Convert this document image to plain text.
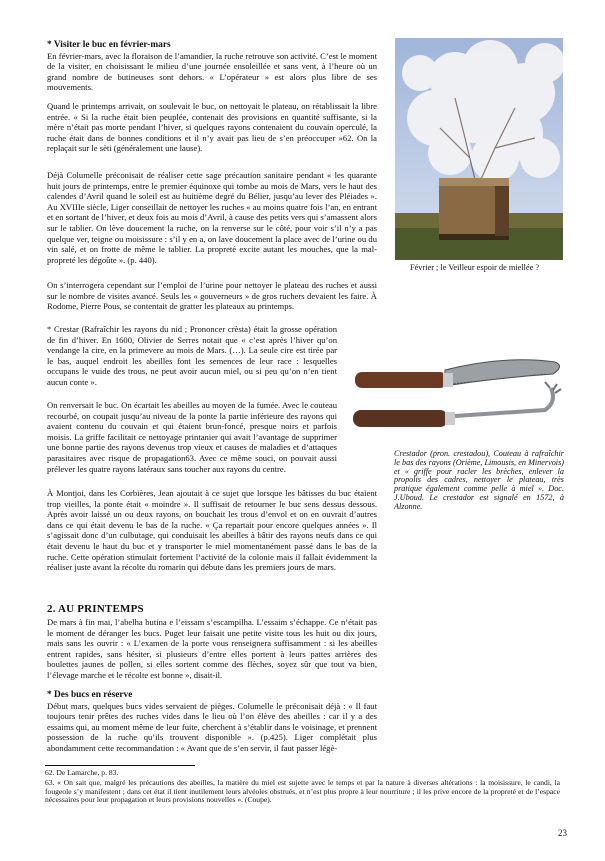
* Visiter le buc en février-mars

En février-mars, avec la floraison de l’amandier, la ruche retrouve son activité. C’est le moment de la visiter, en choisissant le milieu d’une journée ensoleillée et sans vent, à l’heure où un grand nombre de butineuses sont dehors. « L’opérateur » est alors plus libre de ses mouvements.

Quand le printemps arrivait, on soulevait le buc, on nettoyait le plateau, on rétablissait la libre entrée. « Si la ruche était bien peuplée, contenait des provisions en quantité suffisante, si la mère n’était pas morte pendant l’hiver, si quelques rayons contenaient du couvain operculé, la ruche était dans de bonnes conditions et il n’y avait pas lieu de s’en préoccuper »62. On la replaçait sur le sèti (généralement une lause).

Déjà Columelle préconisait de réaliser cette sage précaution sanitaire pendant « les quarante huit jours de printemps, entre le premier équinoxe qui tombe au mois de Mars, vers le haut des calendes d’Avril quand le soleil est au huitième degré du Bélier, jusqu’au lever des Pléiades ». Au XVIIIe siècle, Liger conseillait de nettoyer les ruches « au moins quatre fois l’an, en entrant et en sortant de l’hiver, et deux fois au mois d’Avril, à cause des petits vers qui s’amassent alors sur le tablier. On lève doucement la ruche, on la renverse sur le côté, pour voir s’il n’y a pas quelque ver, teigne ou moisissure : s’il y en a, on lave doucement la place avec de l’urine ou du vin salé, et on frotte de même le tablier. La propreté excite autant les mouches, que la mal-propreté les dégoûte ». (p. 440).

On s’interrogera cependant sur l’emploi de l’urine pour nettoyer le plateau des ruches et aussi sur le nombre de visites avancé. Seuls les « gouverneurs » de gros ruchers devaient les faire. À Rodome, Pierre Pous, se contentait de gratter les plateaux au printemps.

Février ; le Veilleur espoir de miellée ?

* Crestar (Rafraîchir les rayons du nid ; Prononcer crèsta) était la grosse opération de fin d’hiver. En 1600, Olivier de Serres notait que « c’est après l’hiver qu’on vendange la cire, en la primevere au mois de Mars. (…). La seule cire est tirée par le bas, auquel endroit les abeilles font les semences de leur race : lesquelles occupans le vuide des trous, ne peut avoir aucun miel, ou si peu qu’on n’en tient aucun conte ».

On renversait le buc. On écartait les abeilles au moyen de la fumée. Avec le couteau recourbé, on coupait jusqu’au niveau de la ponte la partie inférieure des rayons qui avaient contenu du couvain et qui étaient brun-foncé, presque noirs et parfois moisis. La griffe facilitait ce nettoyage printanier qui avait l’avantage de supprimer une bonne partie des rayons devenus trop vieux et causes de maladies et d’attaques parasitaires avec risque de propagation63. Avec ce même souci, on pouvait aussi prélever les quatre rayons latéraux sans toucher aux rayons du centre.

Crestador (pron. crestadou), Couteau à rafraîchir le bas des rayons (Orième, Limousis, en Minervois) et « griffe pour racler les brèches, enlever la propolis des cadres, nettoyer le plateau, très pratique également comme pelle à miel ». Doc. J.Uboud. Le crestador est signalé en 1572, à Alzonne.

À Montjoi, dans les Corbières, Jean ajoutait à ce sujet que lorsque les bâtisses du buc étaient trop vieilles, la ponte était « moindre ». Il suffisait de retourner le buc sens dessus dessous. Après avoir laissé un ou deux rayons, on bouchait les trous d’envol et on en ouvrait d’autres dans ce qui était devenu le bas de la ruche. « Ça repartait pour encore quelques années ». Il s’agissait donc d’un culbutage, qui conduisait les abeilles à bâtir des rayons neufs dans ce qui était devenu le haut du buc et y transporter le miel momentanément passé dans le bas de la ruche. Cette opération stimulait fortement l’activité de la colonie mais il fallait évidemment la réaliser juste avant la récolte du romarin qui débute dans les premiers jours de mars.

2. AU PRINTEMPS

De mars à fin mai, l’abelha butina e l’eissam s’escampilha. L’essaim s’échappe. Ce n’était pas le moment de déranger les bucs. Puget leur faisait une petite visite tous les huit ou dix jours, mais sans les ouvrir : « L’examen de la porte vous renseignera suffisamment : si les abeilles entrent rapides, sans hésiter, si plusieurs d’entre elles portent à leurs pattes arrières des boulettes jaunes de pollen, si elles sortent comme des flèches, soyez sûr que tout va bien, l’élevage marche et le récolte est bonne », disait-il.

* Des bucs en réserve

Début mars, quelques bucs vides servaient de pièges. Columelle le préconisait déjà : « Il faut toujours tenir prêtes des ruches vides dans le lieu où l’on élève des abeilles : car il y a des essaims qui, au moment même de leur fuite, cherchent à s’établir dans le voisinage, et prennent possession de la ruche qu’ils trouvent disponible ». (p.425). Liger complétait plus abondamment cette recommandation : « Avant que de s’en servir, il faut passer légè-

62. De Lamarche, p. 83.
63. « On sait que, malgré les précautions des abeilles, la matière du miel est sujette avec le temps et par la nature à diverses altérations : la moisissure, le candi, la fougeole s’y manifestent ; dans cet état il tient inutilement leurs alvéoles obstrués, et n’est plus propre à leur nourriture ; il les prive encore de la propreté et de l’espace nécessaires pour leur propagation et leurs provisions nouvelles ». (Coupe).
23
